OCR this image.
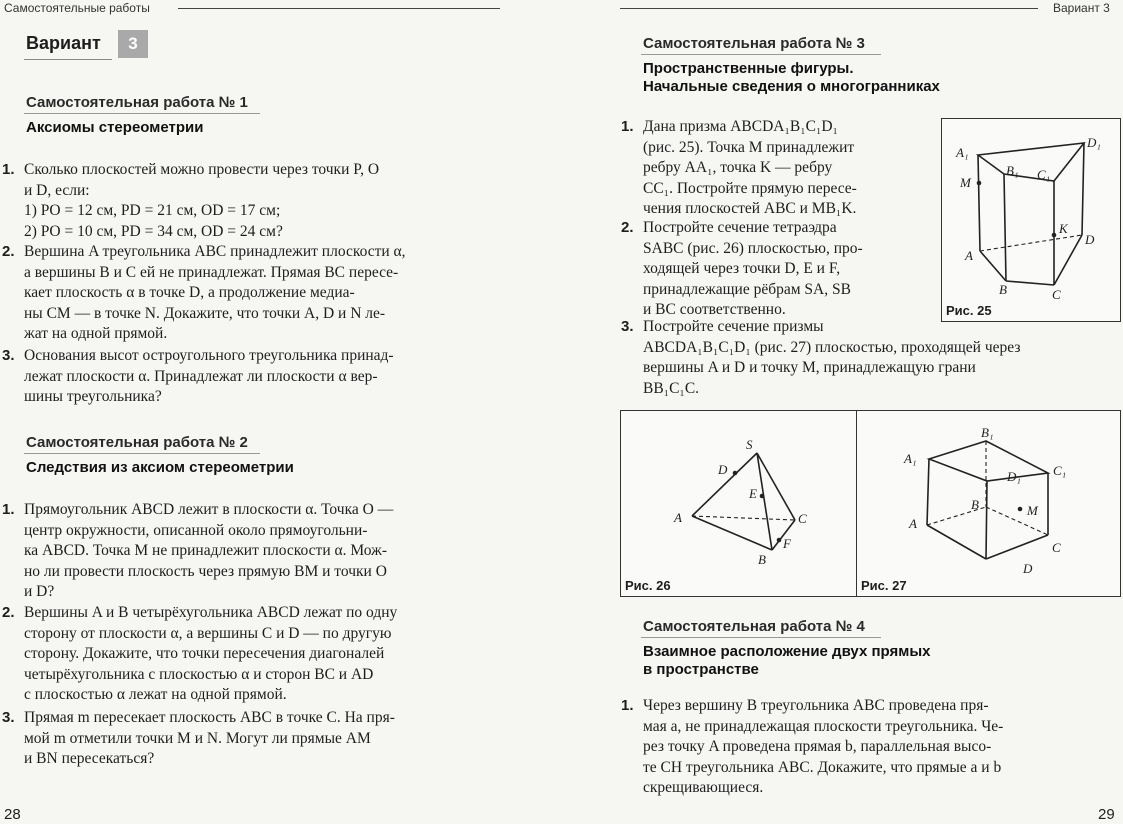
Самостоятельные работы
Вариант	3
Самостоятельная работа № 1
Аксиомы стереометрии
1. Сколько плоскостей можно провести через точки P, O
и D, если:
1) PO = 12 см, PD = 21 см, OD = 17 см;
2) PO = 10 см, PD = 34 см, OD = 24 см?
2. Вершина A треугольника ABC принадлежит плоскости α,
а вершины B и C ей не принадлежат. Прямая BC пересе-
кает плоскость α в точке D, а продолжение медиа-
ны CM — в точке N. Докажите, что точки A, D и N ле-
жат на одной прямой.
3. Основания высот остроугольного треугольника принад-
лежат плоскости α. Принадлежат ли плоскости α вер-
шины треугольника?
Самостоятельная работа № 2
Следствия из аксиом стереометрии
1. Прямоугольник ABCD лежит в плоскости α. Точка O —
центр окружности, описанной около прямоугольни-
ка ABCD. Точка M не принадлежит плоскости α. Мож-
но ли провести плоскость через прямую BM и точки O
и D?
2. Вершины A и B четырёхугольника ABCD лежат по одну
сторону от плоскости α, а вершины C и D — по другую
сторону. Докажите, что точки пересечения диагоналей
четырёхугольника с плоскостью α и сторон BC и AD
с плоскостью α лежат на одной прямой.
3. Прямая m пересекает плоскость ABC в точке C. На пря-
мой m отметили точки M и N. Могут ли прямые AM
и BN пересекаться?
28
Вариант 3
Самостоятельная работа № 3
Пространственные фигуры.
Начальные сведения о многогранниках
1. Дана призма ABCDA₁B₁C₁D₁
(рис. 25). Точка M принадлежит
ребру AA₁, точка K — ребру
CC₁. Постройте прямую пересе-
чения плоскостей ABC и MB₁K.
2. Постройте сечение тетраэдра
SABC (рис. 26) плоскостью, про-
ходящей через точки D, E и F,
принадлежащие рёбрам SA, SB
и BC соответственно.
3. Постройте сечение призмы
ABCDA₁B₁C₁D₁ (рис. 27) плоскостью, проходящей через
вершины A и D и точку M, принадлежащую грани
BB₁C₁C.
A₁
B₁ C₁
D₁
M
K
A
B	C
D
Рис. 25
S
D
E
A	C
F
B
Рис. 26
B₁
A₁
D₁ C₁
B	M
A
C
D
Рис. 27
Самостоятельная работа № 4
Взаимное расположение двух прямых
в пространстве
1. Через вершину B треугольника ABC проведена пря-
мая a, не принадлежащая плоскости треугольника. Че-
рез точку A проведена прямая b, параллельная высо-
те CH треугольника ABC. Докажите, что прямые a и b
скрещивающиеся.
29
